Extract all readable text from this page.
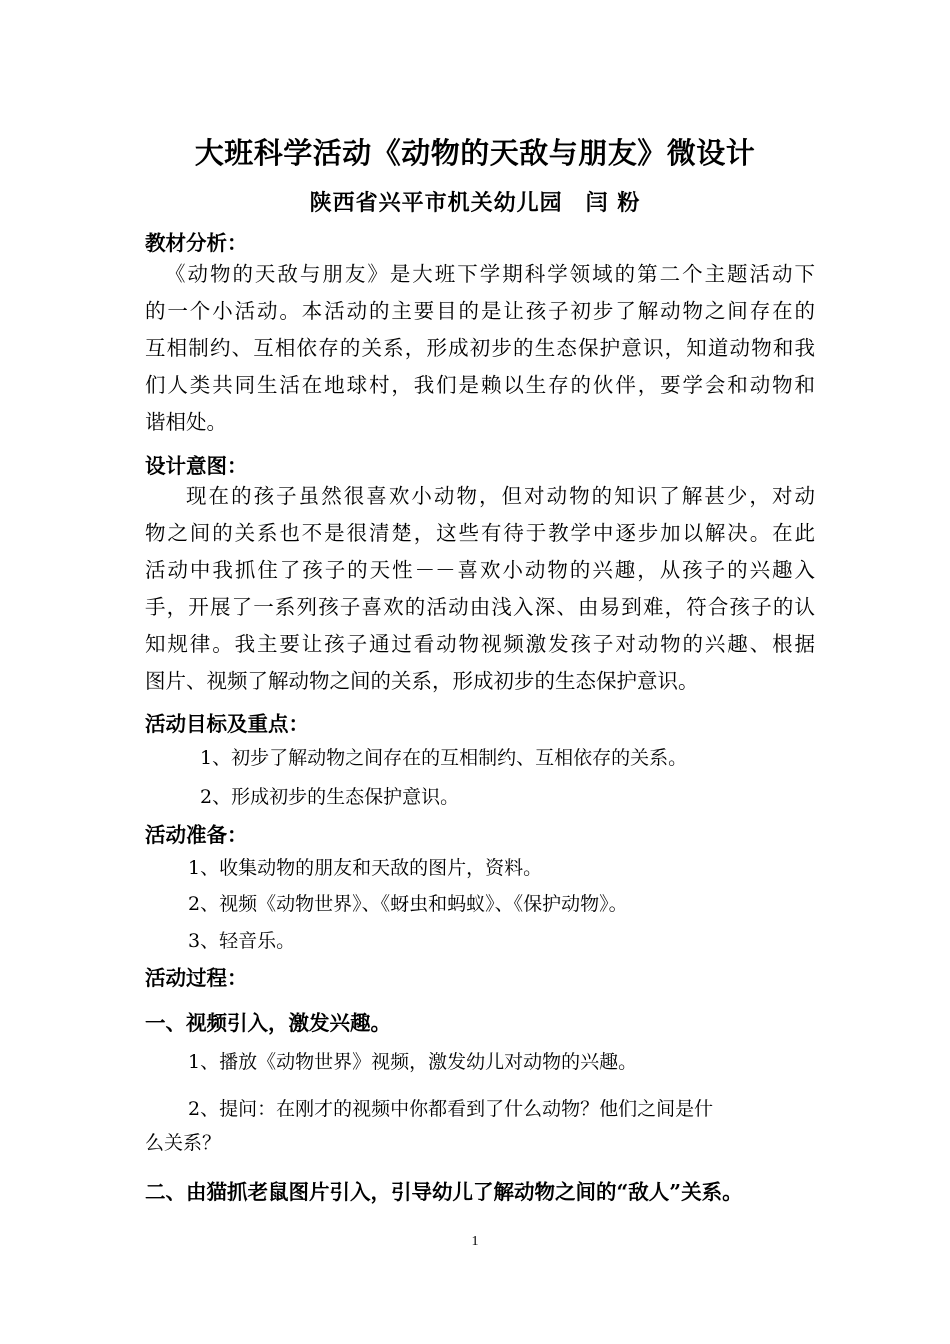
大班科学活动《动物的天敌与朋友》微设计
陕西省兴平市机关幼儿园　闫 粉
教材分析：
《动物的天敌与朋友》是大班下学期科学领域的第二个主题活动下
的一个小活动。本活动的主要目的是让孩子初步了解动物之间存在的
互相制约、互相依存的关系，形成初步的生态保护意识，知道动物和我
们人类共同生活在地球村，我们是赖以生存的伙伴，要学会和动物和
谐相处。
设计意图：
现在的孩子虽然很喜欢小动物，但对动物的知识了解甚少，对动
物之间的关系也不是很清楚，这些有待于教学中逐步加以解决。在此
活动中我抓住了孩子的天性－－喜欢小动物的兴趣，从孩子的兴趣入
手，开展了一系列孩子喜欢的活动由浅入深、由易到难，符合孩子的认
知规律。我主要让孩子通过看动物视频激发孩子对动物的兴趣、根据
图片、视频了解动物之间的关系，形成初步的生态保护意识。
活动目标及重点：
1、初步了解动物之间存在的互相制约、互相依存的关系。
2、形成初步的生态保护意识。
活动准备：
1、收集动物的朋友和天敌的图片，资料。
2、视频《动物世界》、《蚜虫和蚂蚁》、《保护动物》。
3、轻音乐。
活动过程：
一、视频引入，激发兴趣。
1、播放《动物世界》视频，激发幼儿对动物的兴趣。
2、提问：在刚才的视频中你都看到了什么动物？他们之间是什
么关系？
二、由猫抓老鼠图片引入，引导幼儿了解动物之间的“敌人”关系。
1
